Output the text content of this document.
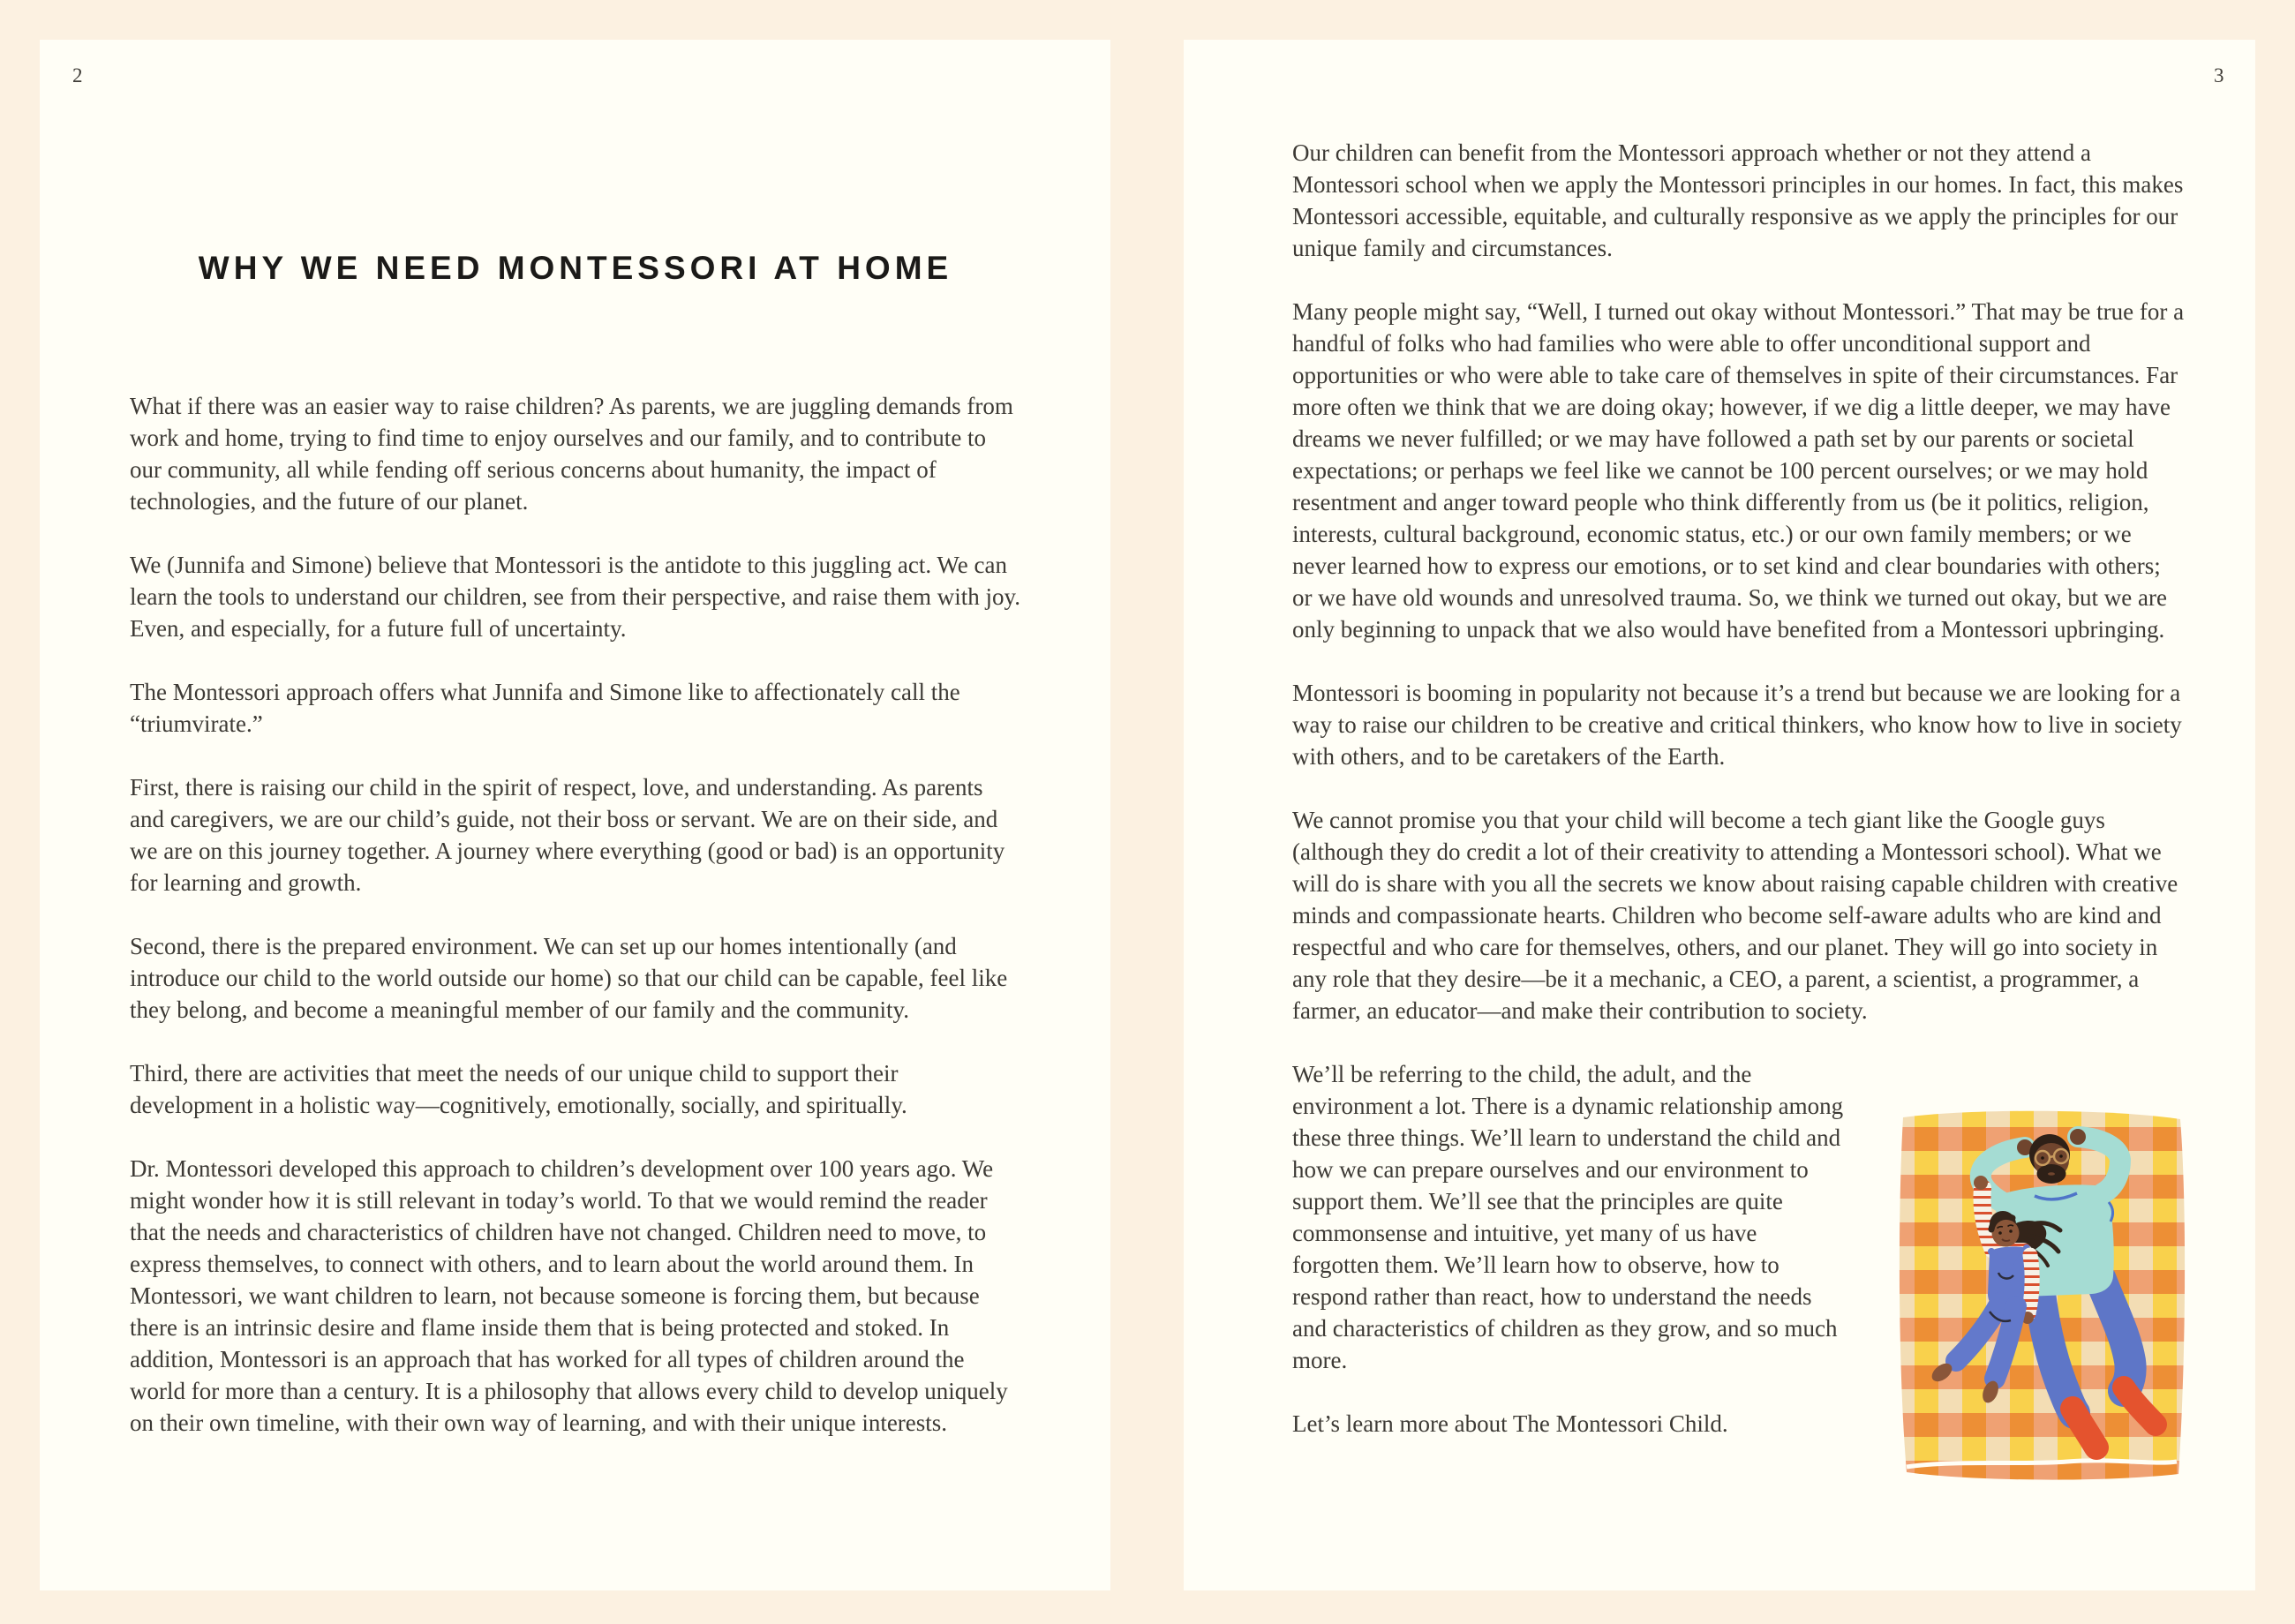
2
WHY WE NEED MONTESSORI AT HOME

What if there was an easier way to raise children? As parents, we are juggling demands from work and home, trying to find time to enjoy ourselves and our family, and to contribute to our community, all while fending off serious concerns about humanity, the impact of technologies, and the future of our planet.

We (Junnifa and Simone) believe that Montessori is the antidote to this juggling act. We can learn the tools to understand our children, see from their perspective, and raise them with joy. Even, and especially, for a future full of uncertainty.

The Montessori approach offers what Junnifa and Simone like to affectionately call the “triumvirate.”

First, there is raising our child in the spirit of respect, love, and understanding. As parents and caregivers, we are our child’s guide, not their boss or servant. We are on their side, and we are on this journey together. A journey where everything (good or bad) is an opportunity for learning and growth.

Second, there is the prepared environment. We can set up our homes intentionally (and introduce our child to the world outside our home) so that our child can be capable, feel like they belong, and become a meaningful member of our family and the community.

Third, there are activities that meet the needs of our unique child to support their development in a holistic way—cognitively, emotionally, socially, and spiritually.

Dr. Montessori developed this approach to children’s development over 100 years ago. We might wonder how it is still relevant in today’s world. To that we would remind the reader that the needs and characteristics of children have not changed. Children need to move, to express themselves, to connect with others, and to learn about the world around them. In Montessori, we want children to learn, not because someone is forcing them, but because there is an intrinsic desire and flame inside them that is being protected and stoked. In addition, Montessori is an approach that has worked for all types of children around the world for more than a century. It is a philosophy that allows every child to develop uniquely on their own timeline, with their own way of learning, and with their unique interests.

3

Our children can benefit from the Montessori approach whether or not they attend a Montessori school when we apply the Montessori principles in our homes. In fact, this makes Montessori accessible, equitable, and culturally responsive as we apply the principles for our unique family and circumstances.

Many people might say, “Well, I turned out okay without Montessori.” That may be true for a handful of folks who had families who were able to offer unconditional support and opportunities or who were able to take care of themselves in spite of their circumstances. Far more often we think that we are doing okay; however, if we dig a little deeper, we may have dreams we never fulfilled; or we may have followed a path set by our parents or societal expectations; or perhaps we feel like we cannot be 100 percent ourselves; or we may hold resentment and anger toward people who think differently from us (be it politics, religion, interests, cultural background, economic status, etc.) or our own family members; or we never learned how to express our emotions, or to set kind and clear boundaries with others; or we have old wounds and unresolved trauma. So, we think we turned out okay, but we are only beginning to unpack that we also would have benefited from a Montessori upbringing.

Montessori is booming in popularity not because it’s a trend but because we are looking for a way to raise our children to be creative and critical thinkers, who know how to live in society with others, and to be caretakers of the Earth.

We cannot promise you that your child will become a tech giant like the Google guys (although they do credit a lot of their creativity to attending a Montessori school). What we will do is share with you all the secrets we know about raising capable children with creative minds and compassionate hearts. Children who become self-aware adults who are kind and respectful and who care for themselves, others, and our planet. They will go into society in any role that they desire—be it a mechanic, a CEO, a parent, a scientist, a programmer, a farmer, an educator—and make their contribution to society.

We’ll be referring to the child, the adult, and the environment a lot. There is a dynamic relationship among these three things. We’ll learn to understand the child and how we can prepare ourselves and our environment to support them. We’ll see that the principles are quite commonsense and intuitive, yet many of us have forgotten them. We’ll learn how to observe, how to respond rather than react, how to understand the needs and characteristics of children as they grow, and so much more.

Let’s learn more about The Montessori Child.
